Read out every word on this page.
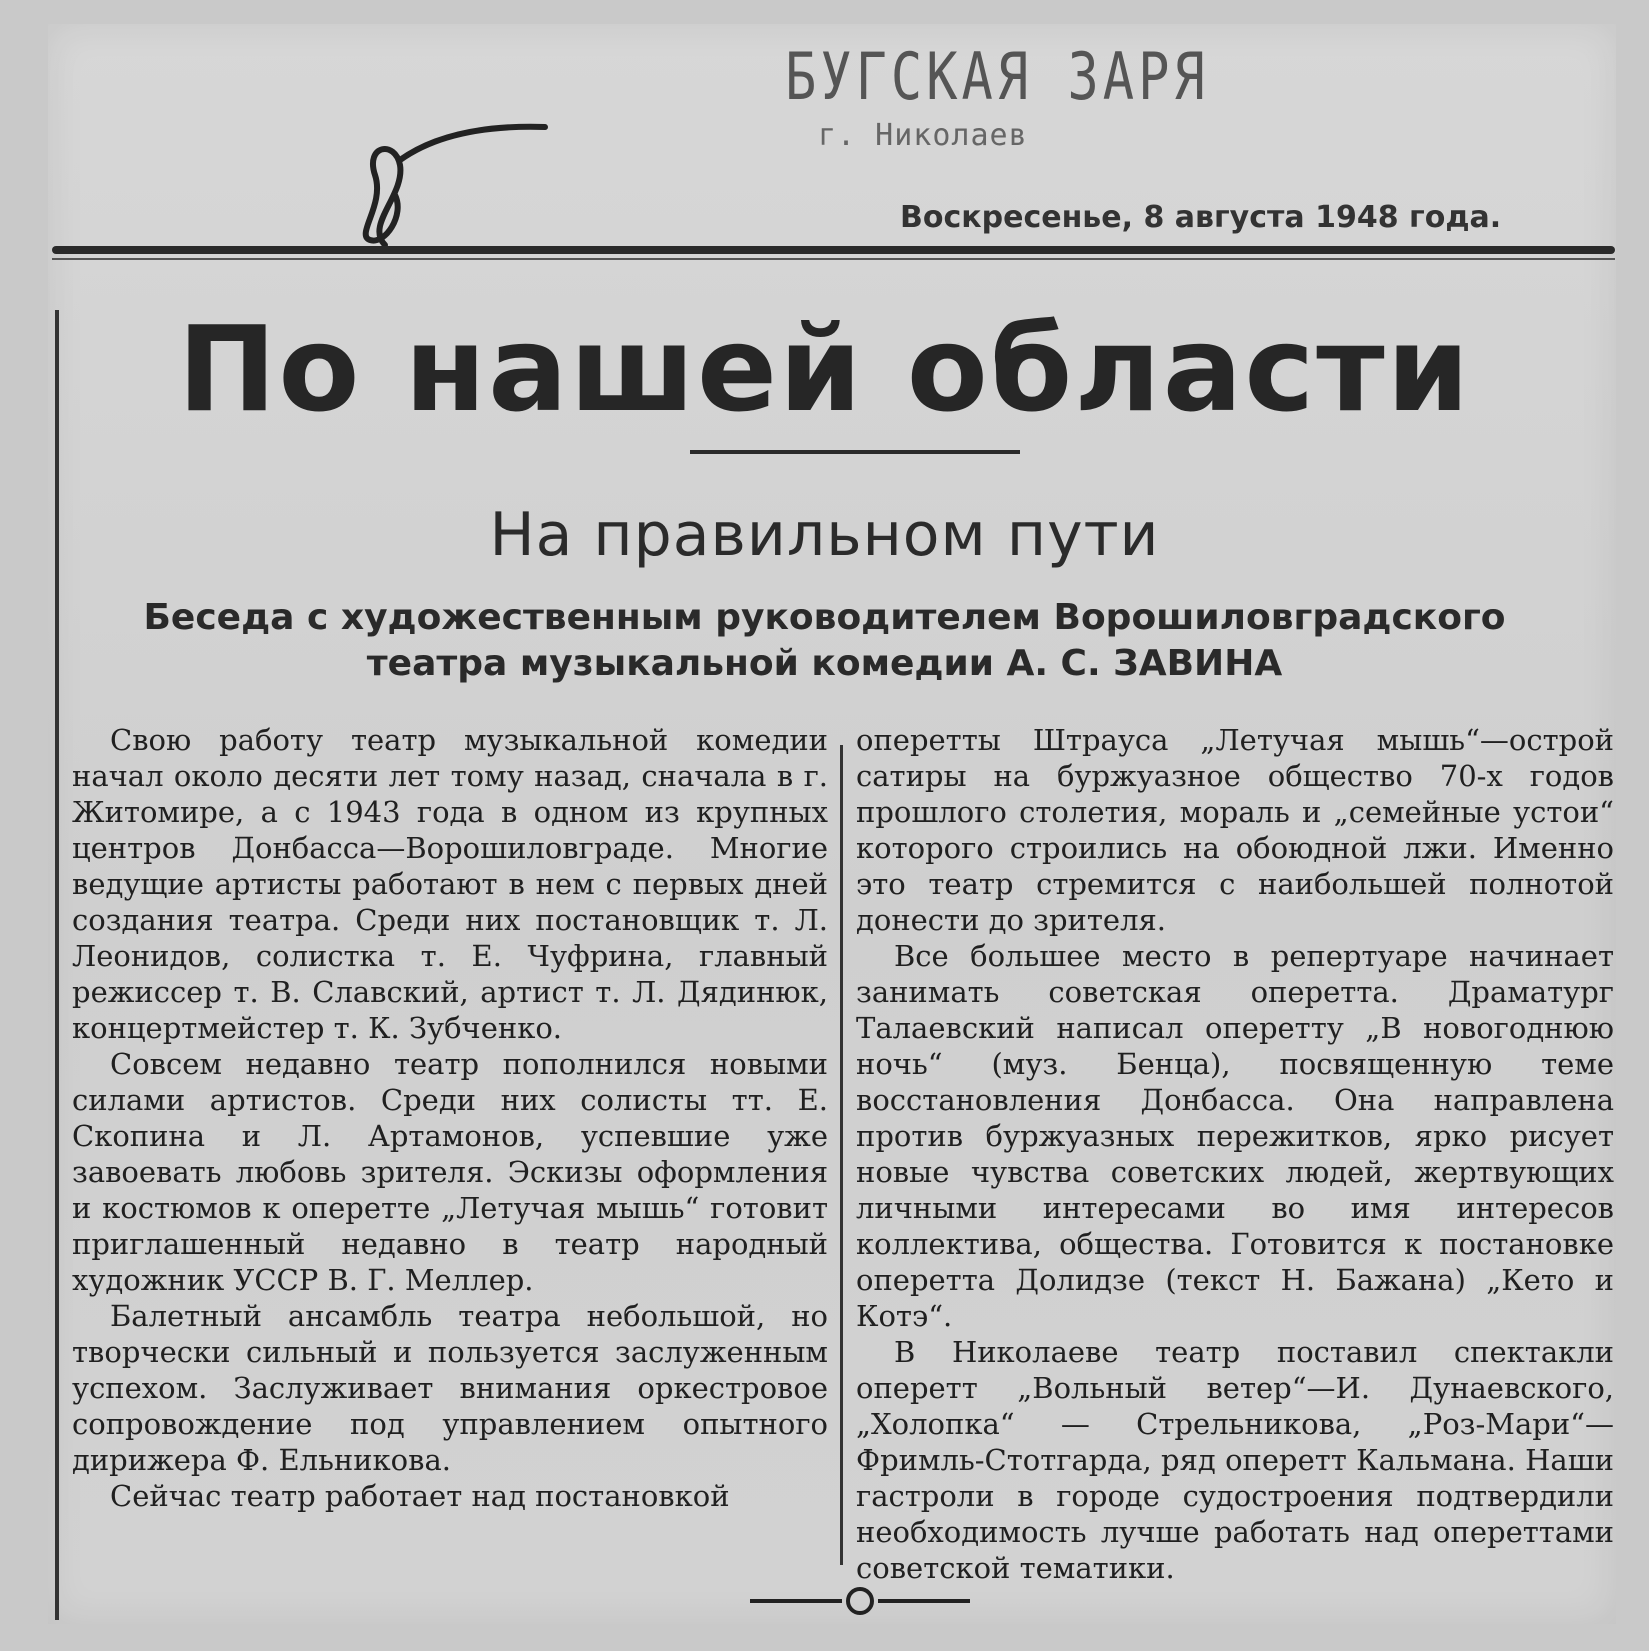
БУГСКАЯ ЗАРЯ
г. Николаев
Воскресенье, 8 августа 1948 года.
По нашей области
На правильном пути
Беседа с художественным руководителем Ворошиловградского
театра музыкальной комедии А. С. ЗАВИНА

Свою работу театр музыкальной комедии начал около десяти лет тому назад, сначала в г. Житомире, а с 1943 года в одном из крупных центров Донбасса—Ворошиловграде. Многие ведущие артисты работают в нем с первых дней создания театра. Среди них постановщик т. Л. Леонидов, солистка т. Е. Чуфрина, главный режиссер т. В. Славский, артист т. Л. Дядинюк, концертмейстер т. К. Зубченко.

Совсем недавно театр пополнился новыми силами артистов. Среди них солисты тт. Е. Скопина и Л. Артамонов, успевшие уже завоевать любовь зрителя. Эскизы оформления и костюмов к оперетте „Летучая мышь“ готовит приглашенный недавно в театр народный художник УССР В. Г. Меллер.

Балетный ансамбль театра небольшой, но творчески сильный и пользуется заслуженным успехом. Заслуживает внимания оркестровое сопровождение под управлением опытного дирижера Ф. Ельникова.

Сейчас театр работает над постановкой

оперетты Штрауса „Летучая мышь“—острой сатиры на буржуазное общество 70-х годов прошлого столетия, мораль и „семейные устои“ которого строились на обоюдной лжи. Именно это театр стремится с наибольшей полнотой донести до зрителя.

Все большее место в репертуаре начинает занимать советская оперетта. Драматург Талаевский написал оперетту „В новогоднюю ночь“ (муз. Бенца), посвященную теме восстановления Донбасса. Она направлена против буржуазных пережитков, ярко рисует новые чувства советских людей, жертвующих личными интересами во имя интересов коллектива, общества. Готовится к постановке оперетта Долидзе (текст Н. Бажана) „Кето и Котэ“.

В Николаеве театр поставил спектакли оперетт „Вольный ветер“—И. Дунаевского, „Холопка“ — Стрельникова, „Роз-Мари“—Фримль-Стотгарда, ряд оперетт Кальмана. Наши гастроли в городе судостроения подтвердили необходимость лучше работать над опереттами советской тематики.
